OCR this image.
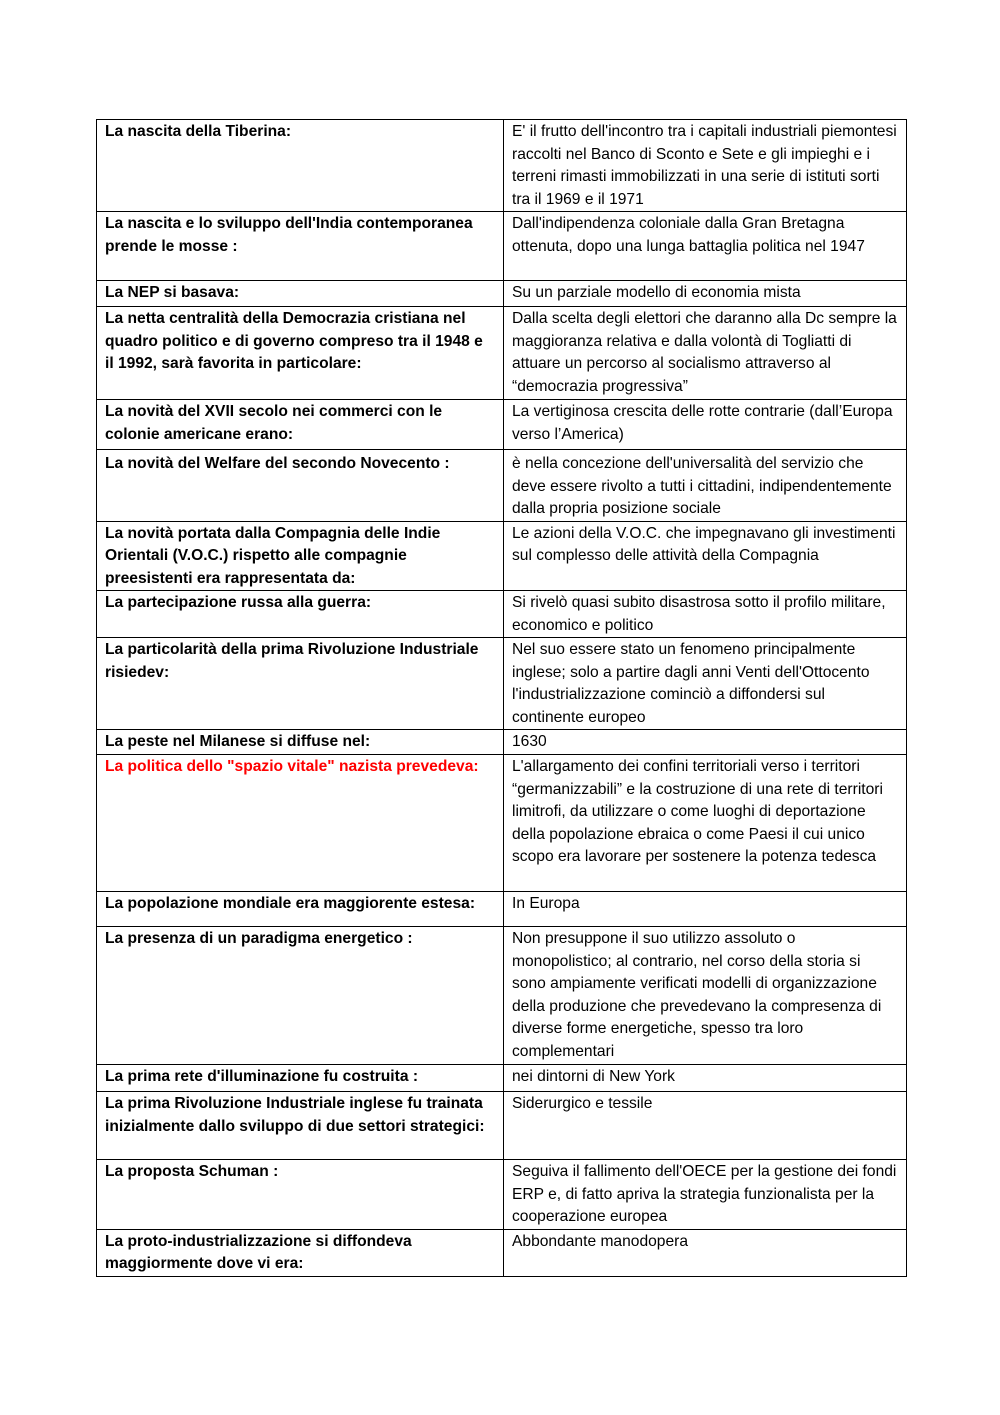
La nascita della Tiberina:	E' il frutto dell'incontro tra i capitali industriali piemontesi raccolti nel Banco di Sconto e Sete e gli impieghi e i terreni rimasti immobilizzati in una serie di istituti sorti tra il 1969 e il 1971
La nascita e lo sviluppo dell'India contemporanea prende le mosse :	Dall'indipendenza coloniale dalla Gran Bretagna ottenuta, dopo una lunga battaglia politica nel 1947
La NEP si basava:	Su un parziale modello di economia mista
La netta centralità della Democrazia cristiana nel quadro politico e di governo compreso tra il 1948 e il 1992, sarà favorita in particolare:	Dalla scelta degli elettori che daranno alla Dc sempre la maggioranza relativa e dalla volontà di Togliatti di attuare un percorso al socialismo attraverso al “democrazia progressiva”
La novità del XVII secolo nei commerci con le colonie americane erano:	La vertiginosa crescita delle rotte contrarie (dall’Europa verso l’America)
La novità del Welfare del secondo Novecento :	è nella concezione dell'universalità del servizio che deve essere rivolto a tutti i cittadini, indipendentemente dalla propria posizione sociale
La novità portata dalla Compagnia delle Indie Orientali (V.O.C.) rispetto alle compagnie preesistenti era rappresentata da:	Le azioni della V.O.C. che impegnavano gli investimenti sul complesso delle attività della Compagnia
La partecipazione russa alla guerra:	Si rivelò quasi subito disastrosa sotto il profilo militare, economico e politico
La particolarità della prima Rivoluzione Industriale risiedev:	Nel suo essere stato un fenomeno principalmente inglese; solo a partire dagli anni Venti dell'Ottocento l'industrializzazione cominciò a diffondersi sul continente europeo
La peste nel Milanese si diffuse nel:	1630
La politica dello "spazio vitale" nazista prevedeva:	L'allargamento dei confini territoriali verso i territori “germanizzabili” e la costruzione di una rete di territori limitrofi, da utilizzare o come luoghi di deportazione della popolazione ebraica o come Paesi il cui unico scopo era lavorare per sostenere la potenza tedesca
La popolazione mondiale era maggiorente estesa:	In Europa
La presenza di un paradigma energetico :	Non presuppone il suo utilizzo assoluto o monopolistico; al contrario, nel corso della storia si sono ampiamente verificati modelli di organizzazione della produzione che prevedevano la compresenza di diverse forme energetiche, spesso tra loro complementari
La prima rete d'illuminazione fu costruita :	nei dintorni di New York
La prima Rivoluzione Industriale inglese fu trainata inizialmente dallo sviluppo di due settori strategici:	Siderurgico e tessile
La proposta Schuman :	Seguiva il fallimento dell'OECE per la gestione dei fondi ERP e, di fatto apriva la strategia funzionalista per la cooperazione europea
La proto-industrializzazione si diffondeva maggiormente dove vi era:	Abbondante manodopera
